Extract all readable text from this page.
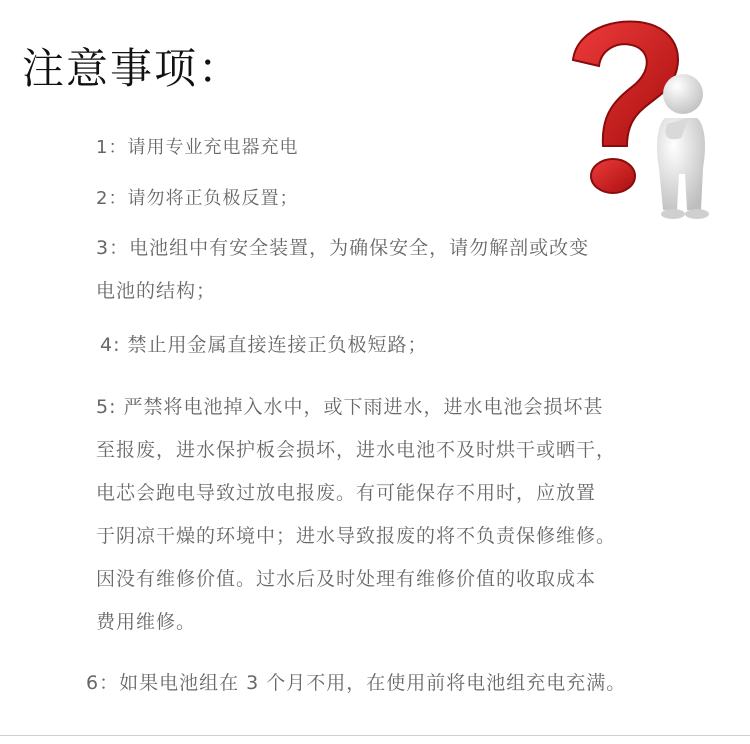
注意事项：
1：请用专业充电器充电
2：请勿将正负极反置；
3：电池组中有安全装置，为确保安全，请勿解剖或改变
电池的结构；
4: 禁止用金属直接连接正负极短路；
5: 严禁将电池掉入水中，或下雨进水，进水电池会损坏甚
至报废，进水保护板会损坏，进水电池不及时烘干或晒干，
电芯会跑电导致过放电报废。有可能保存不用时，应放置
于阴凉干燥的环境中；进水导致报废的将不负责保修维修。
因没有维修价值。过水后及时处理有维修价值的收取成本
费用维修。
6：如果电池组在 3 个月不用，在使用前将电池组充电充满。
